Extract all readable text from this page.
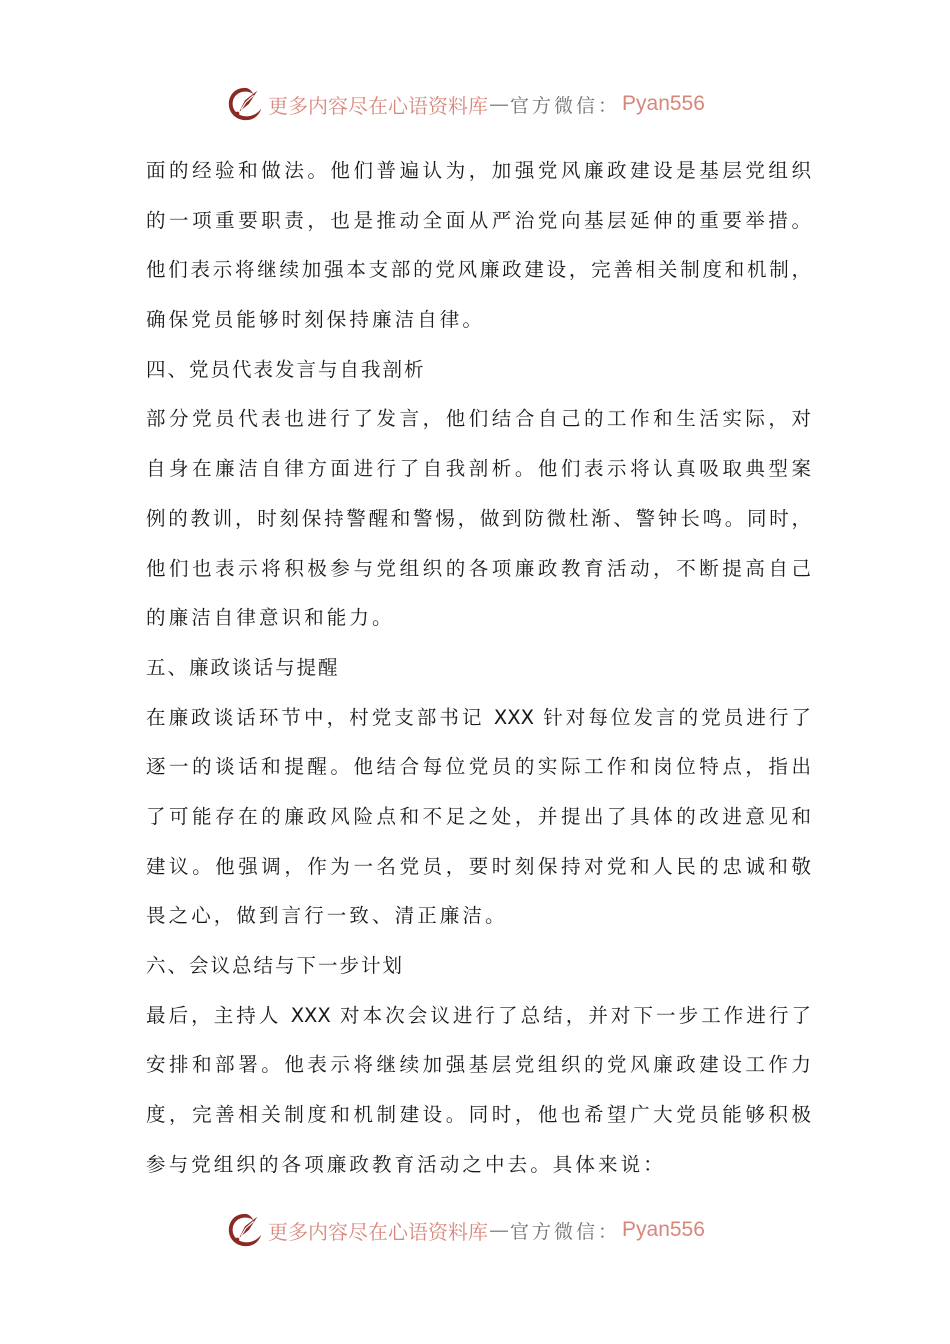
更多内容尽在心语资料库 — 官方微信： Pyan556
面的经验和做法。他们普遍认为，加强党风廉政建设是基层党组织
的一项重要职责，也是推动全面从严治党向基层延伸的重要举措。
他们表示将继续加强本支部的党风廉政建设，完善相关制度和机制，
确保党员能够时刻保持廉洁自律。
四、党员代表发言与自我剖析
部分党员代表也进行了发言，他们结合自己的工作和生活实际，对
自身在廉洁自律方面进行了自我剖析。他们表示将认真吸取典型案
例的教训，时刻保持警醒和警惕，做到防微杜渐、警钟长鸣。同时，
他们也表示将积极参与党组织的各项廉政教育活动，不断提高自己
的廉洁自律意识和能力。
五、廉政谈话与提醒
在廉政谈话环节中，村党支部书记 XXX 针对每位发言的党员进行了
逐一的谈话和提醒。他结合每位党员的实际工作和岗位特点，指出
了可能存在的廉政风险点和不足之处，并提出了具体的改进意见和
建议。他强调，作为一名党员，要时刻保持对党和人民的忠诚和敬
畏之心，做到言行一致、清正廉洁。
六、会议总结与下一步计划
最后，主持人 XXX 对本次会议进行了总结，并对下一步工作进行了
安排和部署。他表示将继续加强基层党组织的党风廉政建设工作力
度，完善相关制度和机制建设。同时，他也希望广大党员能够积极
参与党组织的各项廉政教育活动之中去。具体来说：
更多内容尽在心语资料库 — 官方微信： Pyan556
